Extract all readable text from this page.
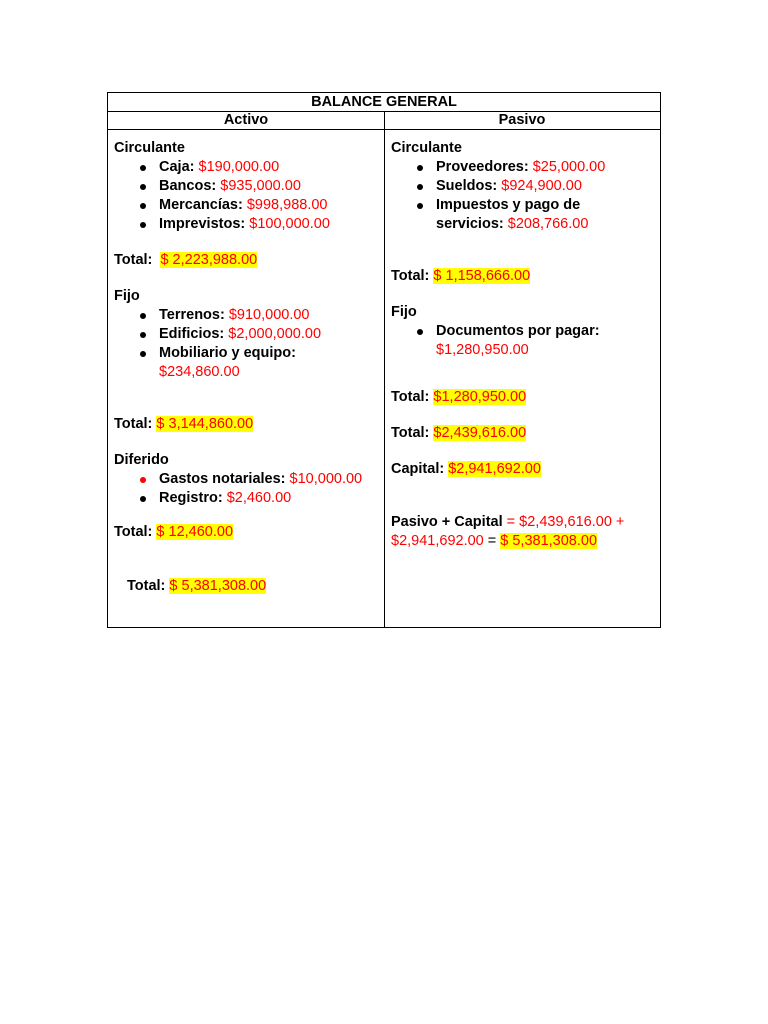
BALANCE GENERAL
Activo	Pasivo
Circulante
Caja: $190,000.00
Bancos: $935,000.00
Mercancías: $998,988.00
Imprevistos: $100,000.00
Total: $ 2,223,988.00
Fijo
Terrenos: $910,000.00
Edificios: $2,000,000.00
Mobiliario y equipo:
$234,860.00
Total: $ 3,144,860.00
Diferido
Gastos notariales: $10,000.00
Registro: $2,460.00
Total: $ 12,460.00
Total: $ 5,381,308.00
Circulante
Proveedores: $25,000.00
Sueldos: $924,900.00
Impuestos y pago de servicios: $208,766.00
Total: $ 1,158,666.00
Fijo
Documentos por pagar:
$1,280,950.00
Total: $1,280,950.00
Total: $2,439,616.00
Capital: $2,941,692.00
Pasivo + Capital = $2,439,616.00 +
$2,941,692.00 = $ 5,381,308.00
